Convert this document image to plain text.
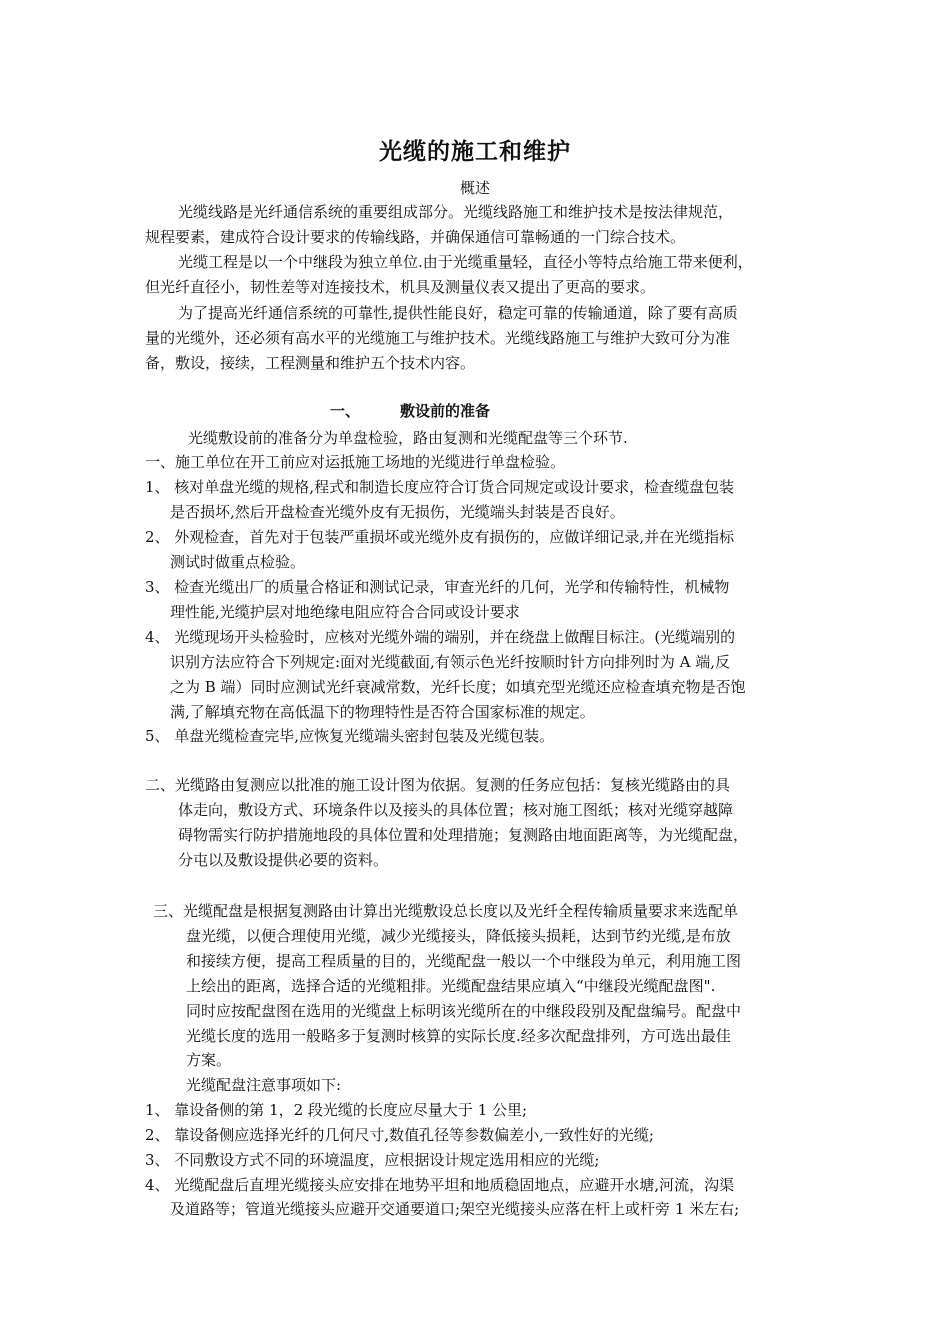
光缆的施工和维护
概述
光缆线路是光纤通信系统的重要组成部分。光缆线路施工和维护技术是按法律规范，
规程要素，建成符合设计要求的传输线路，并确保通信可靠畅通的一门综合技术。
光缆工程是以一个中继段为独立单位.由于光缆重量轻，直径小等特点给施工带来便利，
但光纤直径小，韧性差等对连接技术，机具及测量仪表又提出了更高的要求。
为了提高光纤通信系统的可靠性,提供性能良好，稳定可靠的传输通道，除了要有高质
量的光缆外，还必须有高水平的光缆施工与维护技术。光缆线路施工与维护大致可分为准
备，敷设，接续，工程测量和维护五个技术内容。
一、	敷设前的准备
光缆敷设前的准备分为单盘检验，路由复测和光缆配盘等三个环节.
一、施工单位在开工前应对运抵施工场地的光缆进行单盘检验。
1、 核对单盘光缆的规格,程式和制造长度应符合订货合同规定或设计要求，检查缆盘包装
是否损坏,然后开盘检查光缆外皮有无损伤，光缆端头封装是否良好。
2、 外观检查，首先对于包装严重损坏或光缆外皮有损伤的，应做详细记录,并在光缆指标
测试时做重点检验。
3、 检查光缆出厂的质量合格证和测试记录，审查光纤的几何，光学和传输特性，机械物
理性能,光缆护层对地绝缘电阻应符合合同或设计要求
4、 光缆现场开头检验时，应核对光缆外端的端别，并在绕盘上做醒目标注。(光缆端别的
识别方法应符合下列规定:面对光缆截面,有领示色光纤按顺时针方向排列时为 A 端,反
之为 B 端）同时应测试光纤衰减常数，光纤长度；如填充型光缆还应检查填充物是否饱
满,了解填充物在高低温下的物理特性是否符合国家标准的规定。
5、 单盘光缆检查完毕,应恢复光缆端头密封包装及光缆包装。
二、光缆路由复测应以批准的施工设计图为依据。复测的任务应包括：复核光缆路由的具
体走向，敷设方式、环境条件以及接头的具体位置；核对施工图纸；核对光缆穿越障
碍物需实行防护措施地段的具体位置和处理措施；复测路由地面距离等，为光缆配盘，
分屯以及敷设提供必要的资料。
三、光缆配盘是根据复测路由计算出光缆敷设总长度以及光纤全程传输质量要求来选配单
盘光缆，以便合理使用光缆，减少光缆接头，降低接头损耗，达到节约光缆,是布放
和接续方便，提高工程质量的目的，光缆配盘一般以一个中继段为单元，利用施工图
上绘出的距离，选择合适的光缆粗排。光缆配盘结果应填入“中继段光缆配盘图".
同时应按配盘图在选用的光缆盘上标明该光缆所在的中继段段别及配盘编号。配盘中
光缆长度的选用一般略多于复测时核算的实际长度.经多次配盘排列，方可选出最佳
方案。
光缆配盘注意事项如下:
1、 靠设备侧的第 1，2 段光缆的长度应尽量大于 1 公里;
2、 靠设备侧应选择光纤的几何尺寸,数值孔径等参数偏差小,一致性好的光缆;
3、 不同敷设方式不同的环境温度，应根据设计规定选用相应的光缆;
4、 光缆配盘后直埋光缆接头应安排在地势平坦和地质稳固地点，应避开水塘,河流，沟渠
及道路等；管道光缆接头应避开交通要道口;架空光缆接头应落在杆上或杆旁 1 米左右;
